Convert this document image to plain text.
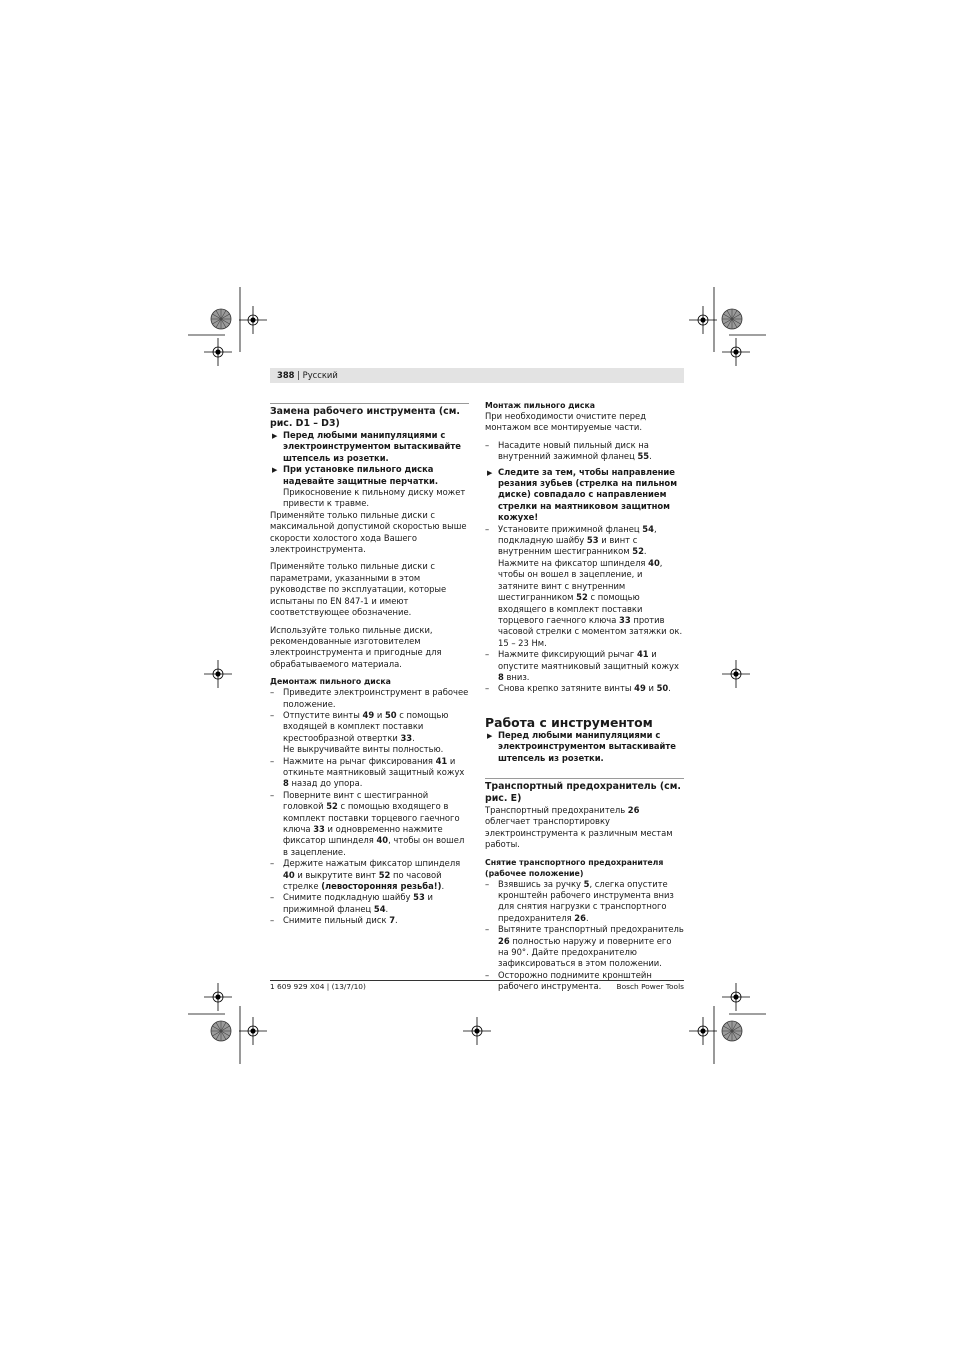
388 | Русский

Замена рабочего инструмента (см. рис. D1 – D3)

▶ Перед любыми манипуляциями с электроинструментом вытаскивайте штепсель из розетки.

▶ При установке пильного диска надевайте защитные перчатки. Прикосновение к пильному диску может привести к травме.

Применяйте только пильные диски с максимальной допустимой скоростью выше скорости холостого хода Вашего электроинструмента.

Применяйте только пильные диски с параметрами, указанными в этом руководстве по эксплуатации, которые испытаны по EN 847-1 и имеют соответствующее обозначение.

Используйте только пильные диски, рекомендованные изготовителем электроинструмента и пригодные для обрабатываемого материала.

Демонтаж пильного диска

– Приведите электроинструмент в рабочее положение.

– Отпустите винты 49 и 50 с помощью входящей в комплект поставки крестообразной отвертки 33.
Не выкручивайте винты полностью.

– Нажмите на рычаг фиксирования 41 и откиньте маятниковый защитный кожух 8 назад до упора.

– Поверните винт с шестигранной головкой 52 с помощью входящего в комплект поставки торцевого гаечного ключа 33 и одновременно нажмите фиксатор шпинделя 40, чтобы он вошел в зацепление.

– Держите нажатым фиксатор шпинделя 40 и выкрутите винт 52 по часовой стрелке (левосторонняя резьба!).

– Снимите подкладную шайбу 53 и прижимной фланец 54.

– Снимите пильный диск 7.

Монтаж пильного диска

При необходимости очистите перед монтажом все монтируемые части.

– Насадите новый пильный диск на внутренний зажимной фланец 55.

▶ Следите за тем, чтобы направление резания зубьев (стрелка на пильном диске) совпадало с направлением стрелки на маятниковом защитном кожухе!

– Установите прижимной фланец 54, подкладную шайбу 53 и винт с внутренним шестигранником 52.
Нажмите на фиксатор шпинделя 40, чтобы он вошел в зацепление, и затяните винт с внутренним шестигранником 52 с помощью входящего в комплект поставки торцевого гаечного ключа 33 против часовой стрелки с моментом затяжки ок. 15 – 23 Нм.

– Нажмите фиксирующий рычаг 41 и опустите маятниковый защитный кожух 8 вниз.

– Снова крепко затяните винты 49 и 50.

Работа с инструментом

▶ Перед любыми манипуляциями с электроинструментом вытаскивайте штепсель из розетки.

Транспортный предохранитель (см. рис. E)

Транспортный предохранитель 26 облегчает транспортировку электроинструмента к различным местам работы.

Снятие транспортного предохранителя (рабочее положение)

– Взявшись за ручку 5, слегка опустите кронштейн рабочего инструмента вниз для снятия нагрузки с транспортного предохранителя 26.

– Вытяните транспортный предохранитель 26 полностью наружу и поверните его на 90°. Дайте предохранителю зафиксироваться в этом положении.

– Осторожно поднимите кронштейн рабочего инструмента.

1 609 929 X04 | (13/7/10)	Bosch Power Tools
